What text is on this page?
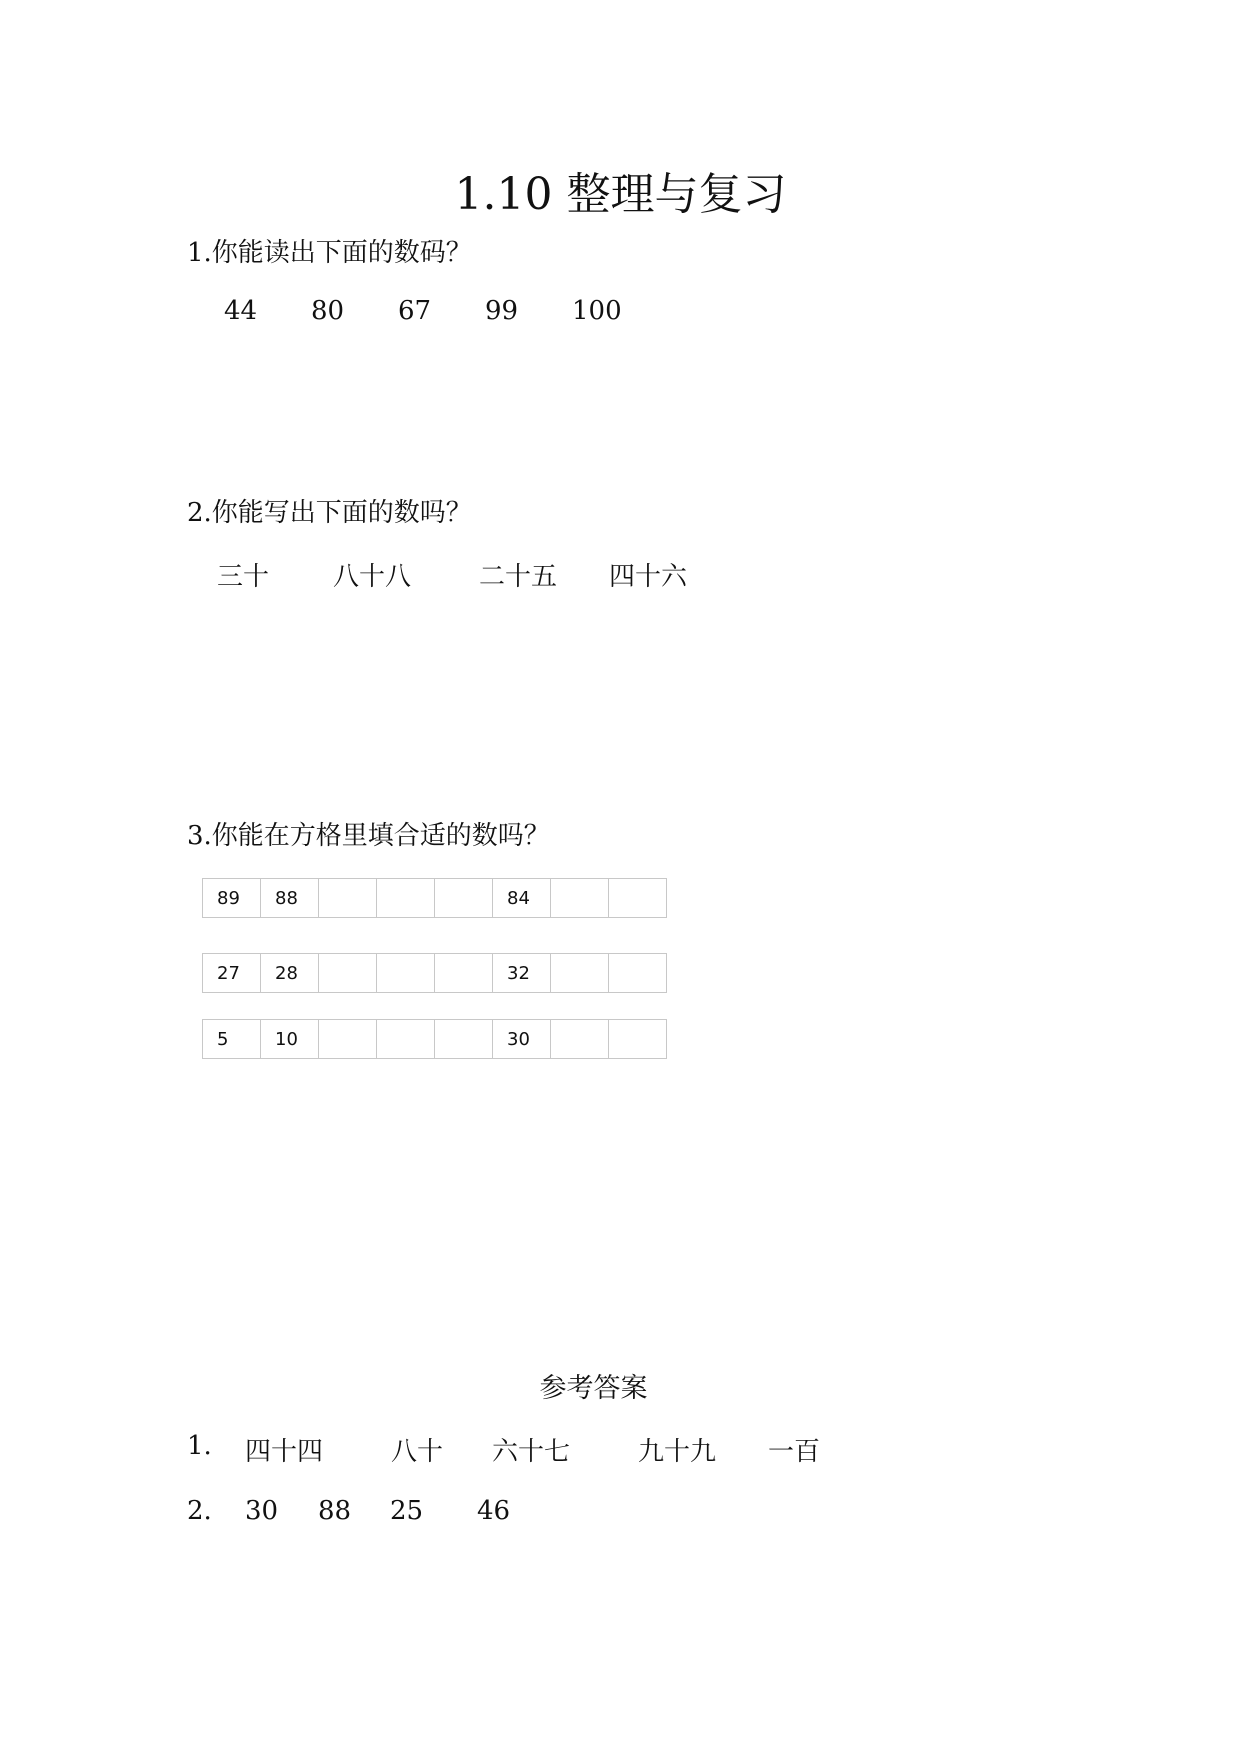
1.10 整理与复习
1.你能读出下面的数码？
44 80 67 99 100
2.你能写出下面的数吗？
三十 八十八	二十五 四十六
3.你能在方格里填合适的数吗？
89	88				84		
27	28				32		
5	10				30		
参考答案
1. 四十四	八十 六十七	九十九 一百
2. 30 88 25 46
